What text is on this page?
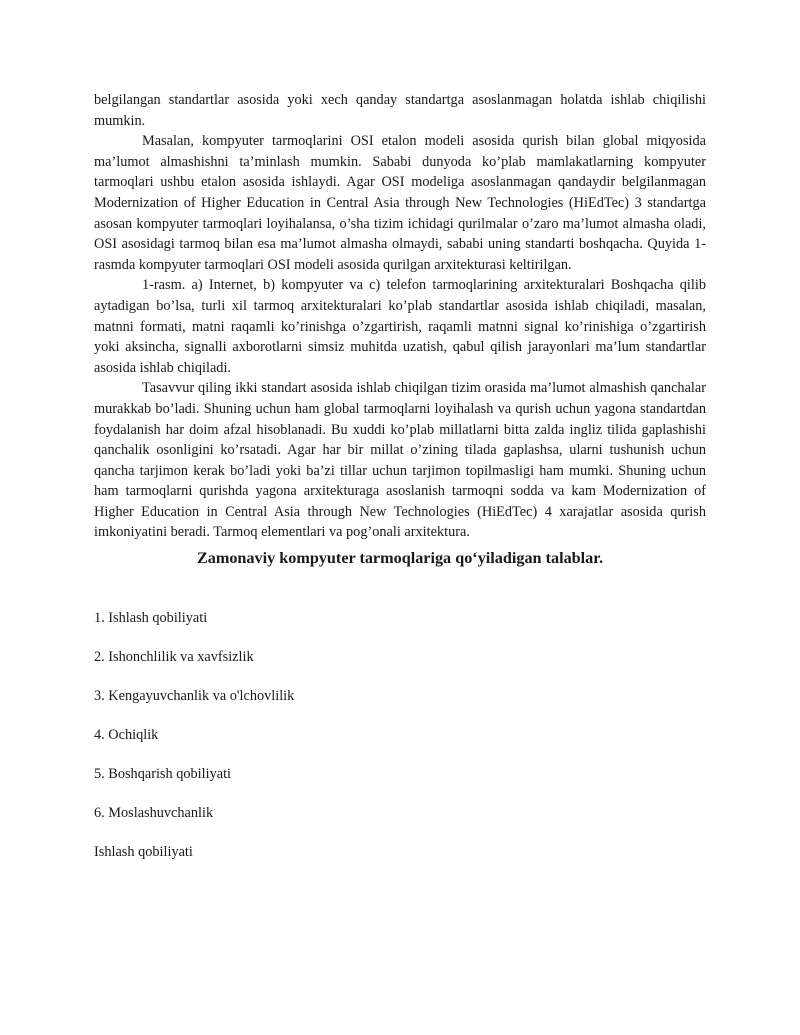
belgilangan standartlar asosida yoki xech qanday standartga asoslanmagan holatda ishlab chiqilishi mumkin.

Masalan, kompyuter tarmoqlarini OSI etalon modeli asosida qurish bilan global miqyosida ma’lumot almashishni ta’minlash mumkin. Sababi dunyoda ko’plab mamlakatlarning kompyuter tarmoqlari ushbu etalon asosida ishlaydi. Agar OSI modeliga asoslanmagan qandaydir belgilanmagan Modernization of Higher Education in Central Asia through New Technologies (HiEdTec) 3 standartga asosan kompyuter tarmoqlari loyihalansa, o’sha tizim ichidagi qurilmalar o’zaro ma’lumot almasha oladi, OSI asosidagi tarmoq bilan esa ma’lumot almasha olmaydi, sababi uning standarti boshqacha. Quyida 1-rasmda kompyuter tarmoqlari OSI modeli asosida qurilgan arxitekturasi keltirilgan.

1-rasm. a) Internet, b) kompyuter va c) telefon tarmoqlarining arxitekturalari Boshqacha qilib aytadigan bo’lsa, turli xil tarmoq arxitekturalari ko’plab standartlar asosida ishlab chiqiladi, masalan, matnni formati, matni raqamli ko’rinishga o’zgartirish, raqamli matnni signal ko’rinishiga o’zgartirish yoki aksincha, signalli axborotlarni simsiz muhitda uzatish, qabul qilish jarayonlari ma’lum standartlar asosida ishlab chiqiladi.

Tasavvur qiling ikki standart asosida ishlab chiqilgan tizim orasida ma’lumot almashish qanchalar murakkab bo’ladi. Shuning uchun ham global tarmoqlarni loyihalash va qurish uchun yagona standartdan foydalanish har doim afzal hisoblanadi. Bu xuddi ko’plab millatlarni bitta zalda ingliz tilida gaplashishi qanchalik osonligini ko’rsatadi. Agar har bir millat o’zining tilada gaplashsa, ularni tushunish uchun qancha tarjimon kerak bo’ladi yoki ba’zi tillar uchun tarjimon topilmasligi ham mumki. Shuning uchun ham tarmoqlarni qurishda yagona arxitekturaga asoslanish tarmoqni sodda va kam Modernization of Higher Education in Central Asia through New Technologies (HiEdTec) 4 xarajatlar asosida qurish imkoniyatini beradi. Tarmoq elementlari va pog’onali arxitektura.

Zamonaviy kompyuter tarmoqlariga qo‘yiladigan talablar.
1. Ishlash qobiliyati
2. Ishonchlilik va xavfsizlik
3. Kengayuvchanlik va o'lchovlilik
4. Ochiqlik
5. Boshqarish qobiliyati
6. Moslashuvchanlik

Ishlash qobiliyati
